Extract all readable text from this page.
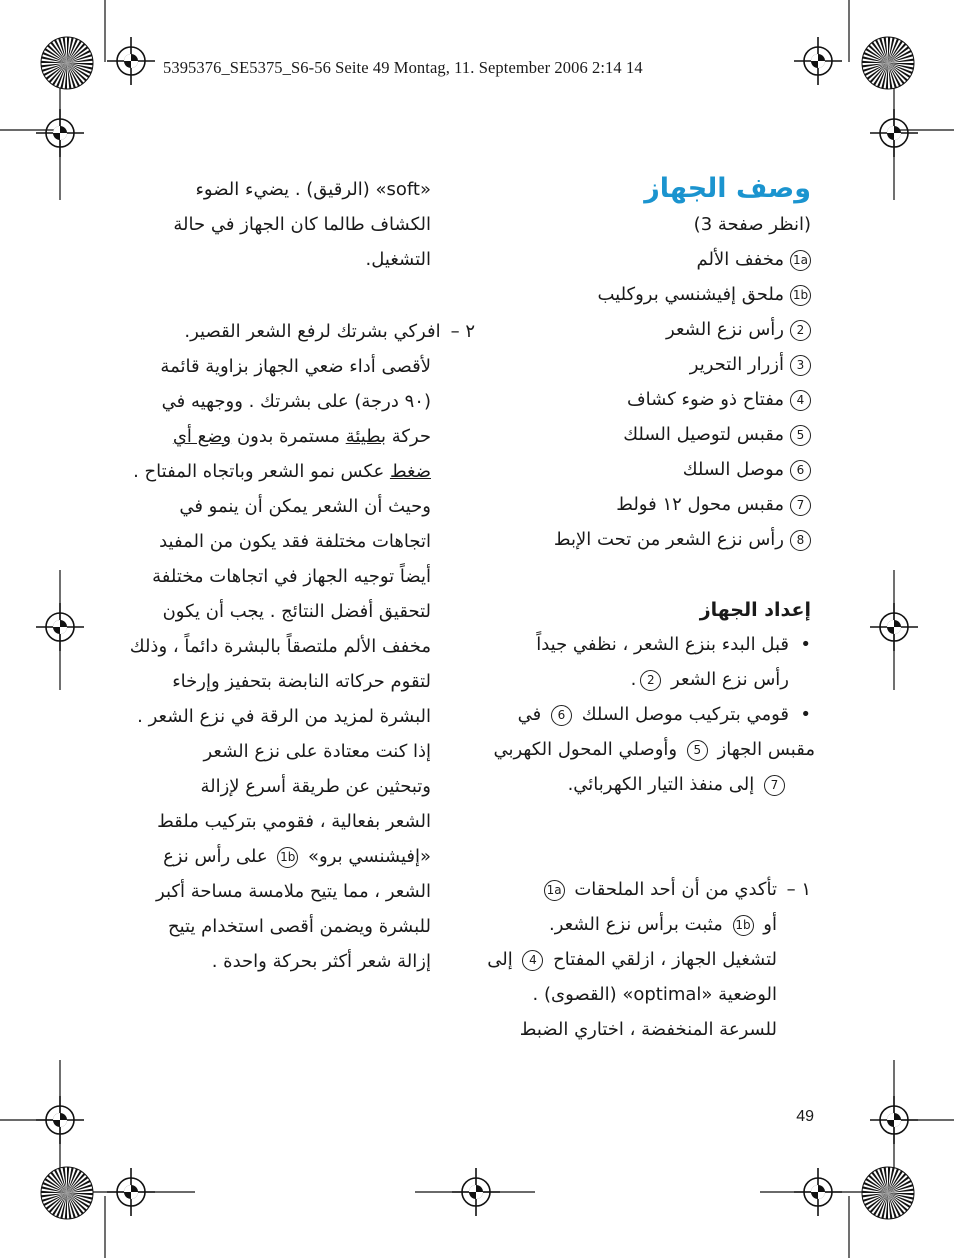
5395376_SE5375_S6-56 Seite 49 Montag, 11. September 2006 2:14 14
وصف الجهاز
(انظر صفحة 3)
1aمخفف الألم
1bملحق إفيشنسي بروكليب
2رأس نزع الشعر
3أزرار التحرير
4مفتاح ذو ضوء كشاف
5مقبس لتوصيل السلك
6موصل السلك
7مقبس محول ١٢ فولط
8رأس نزع الشعر من تحت الإبط
إعداد الجهاز
• قبل البدء بنزع الشعر ، نظفي جيداً
رأس نزع الشعر 2.
• قومي بتركيب موصل السلك 6 في
مقبس الجهاز 5 وأوصلي المحول الكهربي
7 إلى منفذ التيار الكهربائي.
١ –
تأكدي من أن أحد الملحقات 1a
أو 1b مثبت برأس نزع الشعر.
لتشغيل الجهاز ، ازلقي المفتاح 4 إلى
الوضعية «optimal» (القصوى) .
للسرعة المنخفضة ، اختاري الضبط
«soft» (الرقيق) . يضيء الضوء
الكشاف طالما كان الجهاز في حالة
التشغيل.
٢ –افركي بشرتك لرفع الشعر القصير.
لأقصى أداء ضعي الجهاز بزاوية قائمة
(٩٠ درجة) على بشرتك . ووجهيه في
حركة بطيئة مستمرة بدون وضع أي
ضغط عكس نمو الشعر وباتجاه المفتاح .
وحيث أن الشعر يمكن أن ينمو في
اتجاهات مختلفة فقد يكون من المفيد
أيضاً توجيه الجهاز في اتجاهات مختلفة
لتحقيق أفضل النتائج . يجب أن يكون
مخفف الألم ملتصقاً بالبشرة دائماً ، وذلك
لتقوم حركاته النابضة بتحفيز وإرخاء
البشرة لمزيد من الرقة في نزع الشعر .
إذا كنت معتادة على نزع الشعر
وتبحثين عن طريقة أسرع لإزالة
الشعر بفعالية ، فقومي بتركيب ملقط
«إفيشنسي برو» 1b على رأس نزع
الشعر ، مما يتيح ملامسة مساحة أكبر
للبشرة ويضمن أقصى استخدام يتيح
إزالة شعر أكثر بحركة واحدة .
49
